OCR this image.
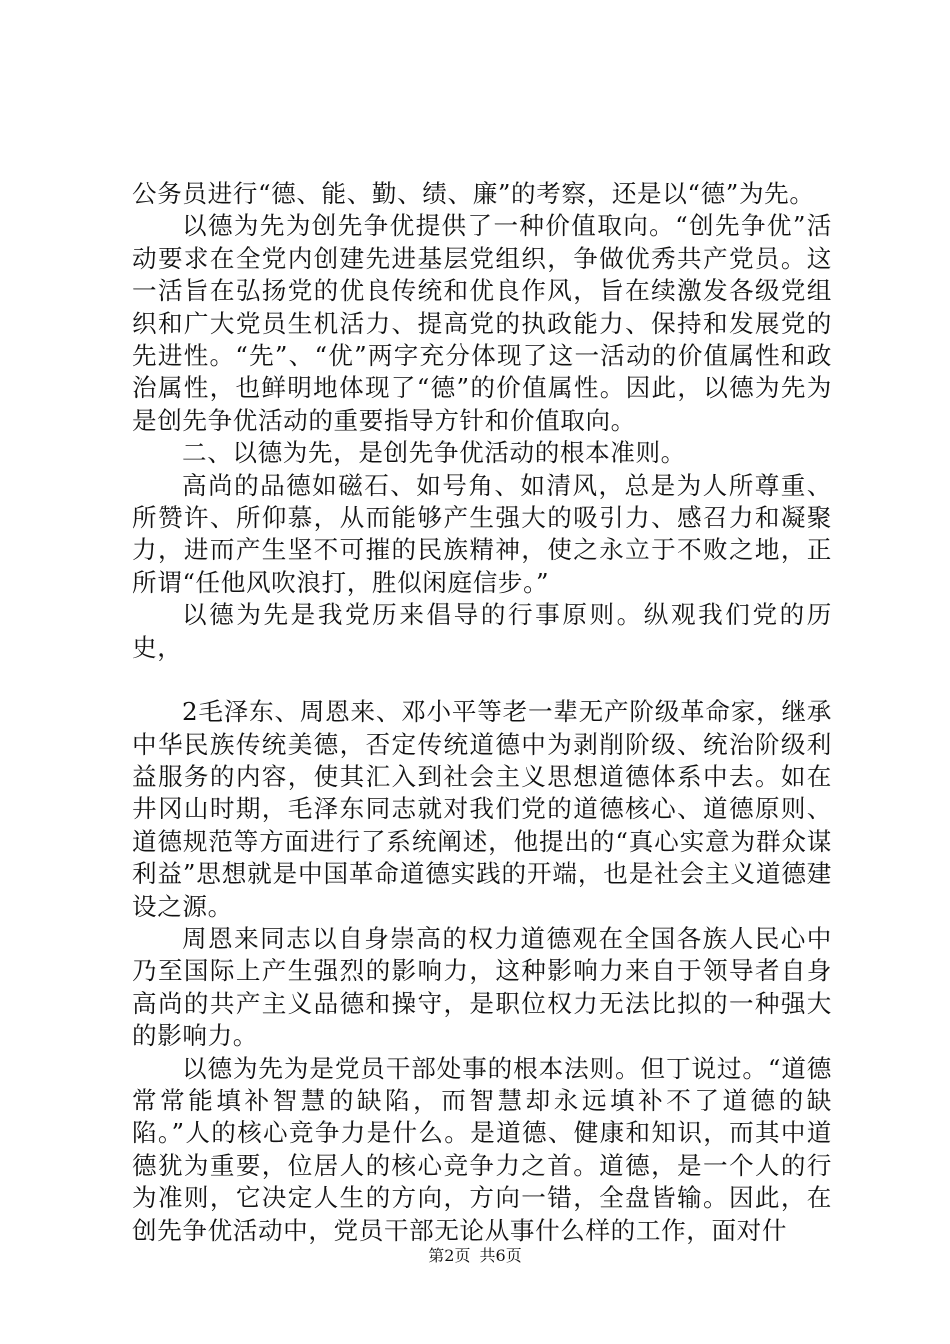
公务员进行“德、能、勤、绩、廉”的考察，还是以“德”为先。

以德为先为创先争优提供了一种价值取向。“创先争优”活动要求在全党内创建先进基层党组织，争做优秀共产党员。这一活旨在弘扬党的优良传统和优良作风，旨在续激发各级党组织和广大党员生机活力、提高党的执政能力、保持和发展党的先进性。“先”、“优”两字充分体现了这一活动的价值属性和政治属性，也鲜明地体现了“德”的价值属性。因此，以德为先为是创先争优活动的重要指导方针和价值取向。

二、以德为先，是创先争优活动的根本准则。

高尚的品德如磁石、如号角、如清风，总是为人所尊重、所赞许、所仰慕，从而能够产生强大的吸引力、感召力和凝聚力，进而产生坚不可摧的民族精神，使之永立于不败之地，正所谓“任他风吹浪打，胜似闲庭信步。”

以德为先是我党历来倡导的行事原则。纵观我们党的历史，

2毛泽东、周恩来、邓小平等老一辈无产阶级革命家，继承中华民族传统美德，否定传统道德中为剥削阶级、统治阶级利益服务的内容，使其汇入到社会主义思想道德体系中去。如在井冈山时期，毛泽东同志就对我们党的道德核心、道德原则、道德规范等方面进行了系统阐述，他提出的“真心实意为群众谋利益”思想就是中国革命道德实践的开端，也是社会主义道德建设之源。

周恩来同志以自身崇高的权力道德观在全国各族人民心中乃至国际上产生强烈的影响力，这种影响力来自于领导者自身高尚的共产主义品德和操守，是职位权力无法比拟的一种强大的影响力。

以德为先为是党员干部处事的根本法则。但丁说过。“道德常常能填补智慧的缺陷，而智慧却永远填补不了道德的缺陷。”人的核心竞争力是什么。是道德、健康和知识，而其中道德犹为重要，位居人的核心竞争力之首。道德，是一个人的行为准则，它决定人生的方向，方向一错，全盘皆输。因此，在创先争优活动中，党员干部无论从事什么样的工作，面对什

第2页 共6页
